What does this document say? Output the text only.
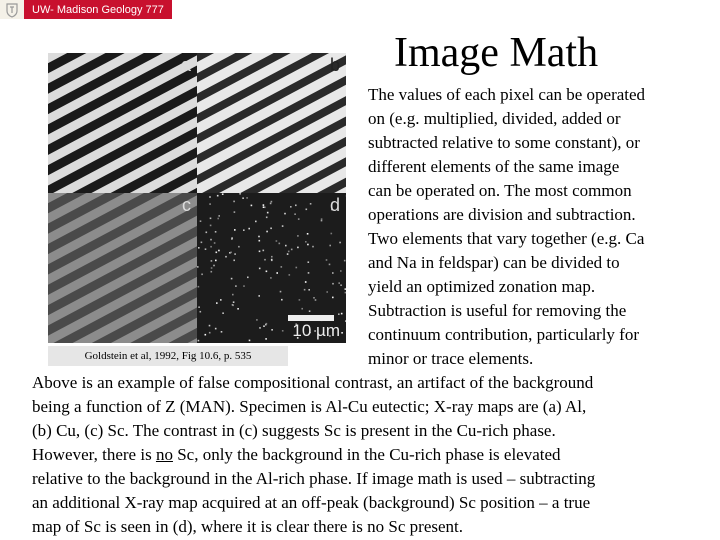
UW- Madison Geology 777
a	b
c	d
10 µm
Goldstein et al, 1992, Fig 10.6, p. 535
Image Math

The values of each pixel can be operated
on (e.g. multiplied, divided, added or
subtracted relative to some constant), or
different elements of the same image
can be operated on. The most common
operations are division and subtraction.
Two elements that vary together (e.g. Ca
and Na in feldspar) can be divided to
yield an optimized zonation map.
Subtraction is useful for removing the
continuum contribution, particularly for
minor or trace elements.

Above is an example of false compositional contrast, an artifact of the background
being a function of Z (MAN). Specimen is Al-Cu eutectic; X-ray maps are (a) Al,
(b) Cu, (c) Sc. The contrast in (c) suggests Sc is present in the Cu-rich phase.
However, there is no Sc, only the background in the Cu-rich phase is elevated
relative to the background in the Al-rich phase. If image math is used – subtracting
an additional X-ray map acquired at an off-peak (background) Sc position – a true
map of Sc is seen in (d), where it is clear there is no Sc present.
